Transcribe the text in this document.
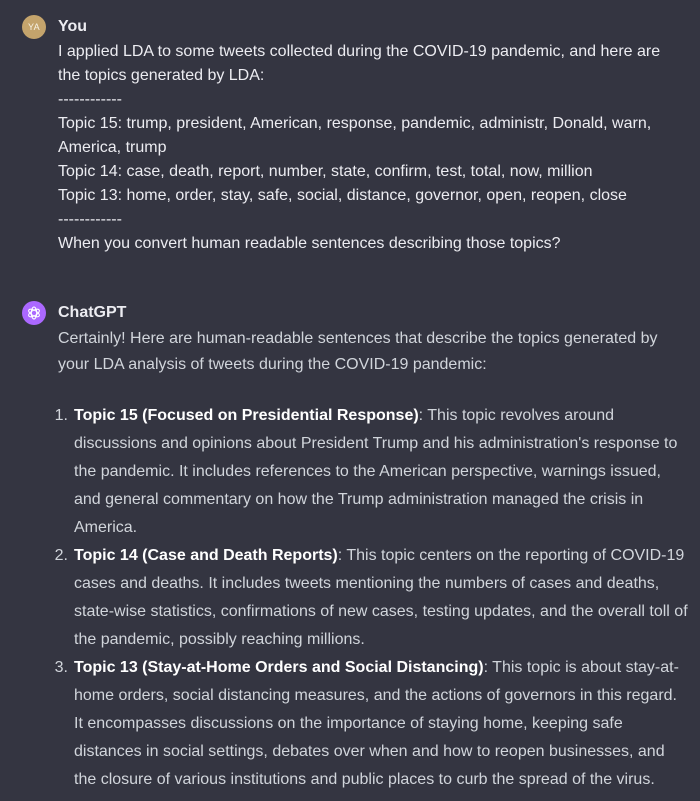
YA You
I applied LDA to some tweets collected during the COVID-19 pandemic, and here are
the topics generated by LDA:
------------
Topic 15: trump, president, American, response, pandemic, administr, Donald, warn,
America, trump
Topic 14: case, death, report, number, state, confirm, test, total, now, million
Topic 13: home, order, stay, safe, social, distance, governor, open, reopen, close
------------
When you convert human readable sentences describing those topics?
ChatGPT

Certainly! Here are human-readable sentences that describe the topics generated by your LDA analysis of tweets during the COVID-19 pandemic:

1. Topic 15 (Focused on Presidential Response): This topic revolves around discussions and opinions about President Trump and his administration's response to the pandemic. It includes references to the American perspective, warnings issued, and general commentary on how the Trump administration managed the crisis in America.
2. Topic 14 (Case and Death Reports): This topic centers on the reporting of COVID-19 cases and deaths. It includes tweets mentioning the numbers of cases and deaths, state-wise statistics, confirmations of new cases, testing updates, and the overall toll of the pandemic, possibly reaching millions.
3. Topic 13 (Stay-at-Home Orders and Social Distancing): This topic is about stay-at-home orders, social distancing measures, and the actions of governors in this regard. It encompasses discussions on the importance of staying home, keeping safe distances in social settings, debates over when and how to reopen businesses, and the closure of various institutions and public places to curb the spread of the virus.
